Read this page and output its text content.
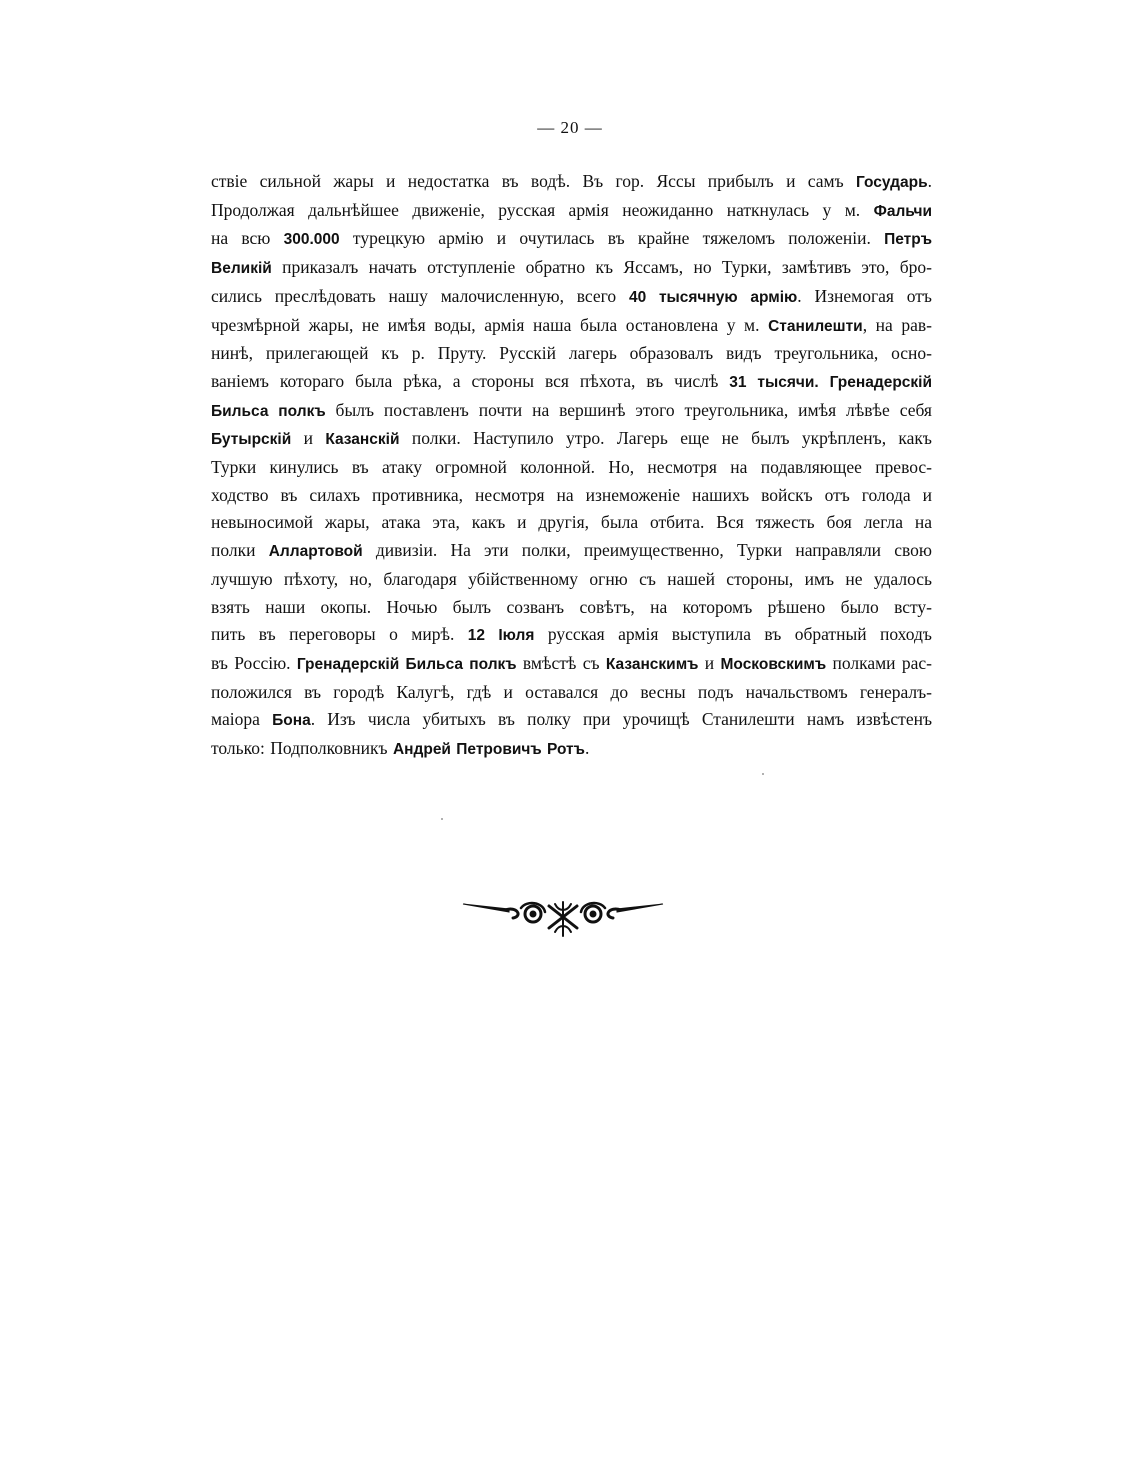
— 20 —
ствіе сильной жары и недостатка въ водѣ. Въ гор. Яссы прибылъ и самъ Государь.
Продолжая дальнѣйшее движеніе, русская армія неожиданно наткнулась у м. Фальчи
на всю 300.000 турецкую армію и очутилась въ крайне тяжеломъ положеніи. Петръ
Великій приказалъ начать отступленіе обратно къ Яссамъ, но Турки, замѣтивъ это, бро-
сились преслѣдовать нашу малочисленную, всего 40 тысячную армію. Изнемогая отъ
чрезмѣрной жары, не имѣя воды, армія наша была остановлена у м. Станилешти, на рав-
нинѣ, прилегающей къ р. Пруту. Русскій лагерь образовалъ видъ треугольника, осно-
ваніемъ котораго была рѣка, а стороны вся пѣхота, въ числѣ 31 тысячи. Гренадерскій
Бильса полкъ былъ поставленъ почти на вершинѣ этого треугольника, имѣя лѣвѣе себя
Бутырскій и Казанскій полки. Наступило утро. Лагерь еще не былъ укрѣпленъ, какъ
Турки кинулись въ атаку огромной колонной. Но, несмотря на подавляющее превос-
ходство въ силахъ противника, несмотря на изнеможеніе нашихъ войскъ отъ голода и
невыносимой жары, атака эта, какъ и другія, была отбита. Вся тяжесть боя легла на
полки Аллартовой дивизіи. На эти полки, преимущественно, Турки направляли свою
лучшую пѣхоту, но, благодаря убійственному огню съ нашей стороны, имъ не удалось
взять наши окопы. Ночью былъ созванъ совѣтъ, на которомъ рѣшено было всту-
пить въ переговоры о мирѣ. 12 Іюля русская армія выступила въ обратный походъ
въ Россію. Гренадерскій Бильса полкъ вмѣстѣ съ Казанскимъ и Московскимъ полками рас-
положился въ городѣ Калугѣ, гдѣ и оставался до весны подъ начальствомъ генералъ-
маіора Бона. Изъ числа убитыхъ въ полку при урочищѣ Станилешти намъ извѣстенъ
только: Подполковникъ Андрей Петровичъ Ротъ.
